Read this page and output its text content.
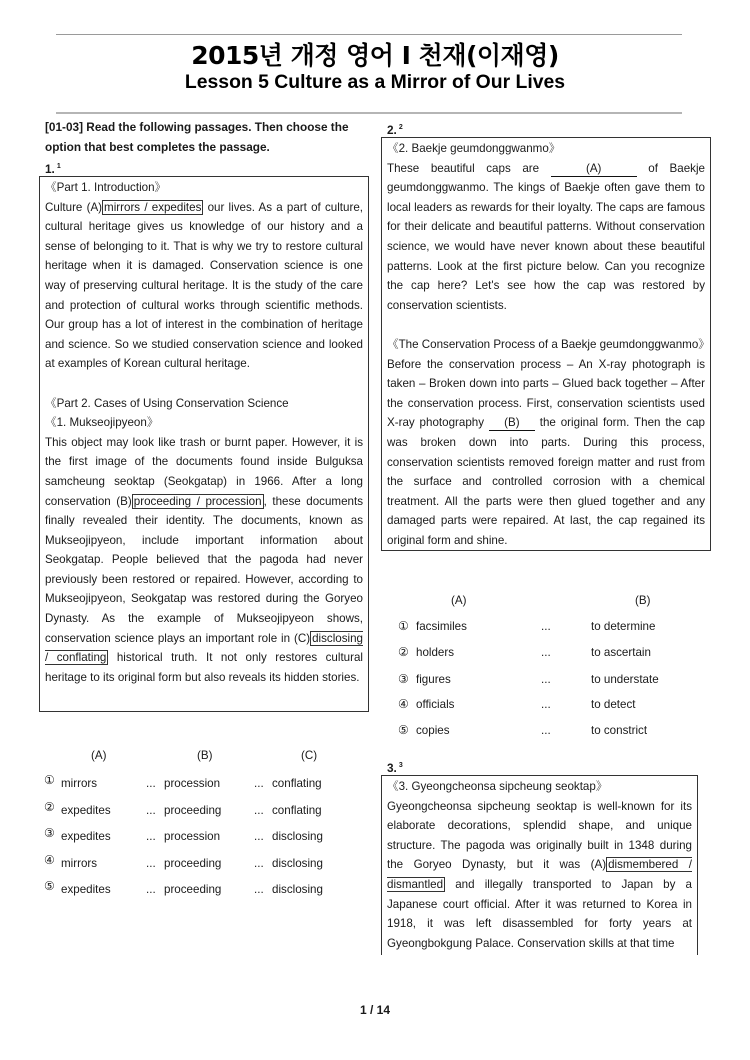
2015년 개정 영어 I 천재(이재영)
Lesson 5 Culture as a Mirror of Our Lives
[01-03] Read the following passages. Then choose the
option that best completes the passage.
1. $^1$

《Part 1. Introduction》

Culture (A) mirrors / expedites our lives. As a part of culture, cultural heritage gives us knowledge of our history and a sense of belonging to it. That is why we try to restore cultural heritage when it is damaged. Conservation science is one way of preserving cultural heritage. It is the study of the care and protection of cultural works through scientific methods. Our group has a lot of interest in the combination of heritage and science. So we studied conservation science and looked at examples of Korean cultural heritage.

《Part 2. Cases of Using Conservation Science

《1. Mukseojipyeon》

This object may look like trash or burnt paper. However, it is the first image of the documents found inside Bulguksa samcheung seoktap (Seokgatap) in 1966. After a long conservation (B) proceeding / procession , these documents finally revealed their identity. The documents, known as Mukseojipyeon, include important information about Seokgatap. People believed that the pagoda had never previously been restored or repaired. However, according to Mukseojipyeon, Seokgatap was restored during the Goryeo Dynasty. As the example of Mukseojipyeon shows, conservation science plays an important role in (C) disclosing / conflating historical truth. It not only restores cultural heritage to its original form but also reveals its hidden stories.

(A)	(B)	(C)
① mirrors	... procession	... conflating
② expedites	... proceeding	... conflating
③ expedites	... procession	... disclosing
④ mirrors	... proceeding	... disclosing
⑤ expedites	... proceeding	... disclosing
2. $^2$

《2. Baekje geumdonggwanmo》

These beautiful caps are	(A)	of Baekje geumdonggwanmo. The kings of Baekje often gave them to local leaders as rewards for their loyalty. The caps are famous for their delicate and beautiful patterns. Without conservation science, we would have never known about these beautiful patterns. Look at the first picture below. Can you recognize the cap here? Let's see how the cap was restored by conservation scientists.

《The Conservation Process of a Baekje geumdonggwanmo》

Before the conservation process – An X-ray photograph is taken – Broken down into parts – Glued back together – After the conservation process. First, conservation scientists used X-ray photography (B) the original form. Then the cap was broken down into parts. During this process, conservation scientists removed foreign matter and rust from the surface and controlled corrosion with a chemical treatment. All the parts were then glued together and any damaged parts were repaired. At last, the cap regained its original form and shine.

(A)	(B)
① facsimiles	...	to determine
② holders	...	to ascertain
③ figures	...	to understate
④ officials	...	to detect
⑤ copies	...	to constrict
3. $^3$

《3. Gyeongcheonsa sipcheung seoktap》

Gyeongcheonsa sipcheung seoktap is well-known for its elaborate decorations, splendid shape, and unique structure. The pagoda was originally built in 1348 during the Goryeo Dynasty, but it was (A) dismembered / dismantled and illegally transported to Japan by a Japanese court official. After it was returned to Korea in 1918, it was left disassembled for forty years at Gyeongbokgung Palace. Conservation skills at that time

1 / 14
